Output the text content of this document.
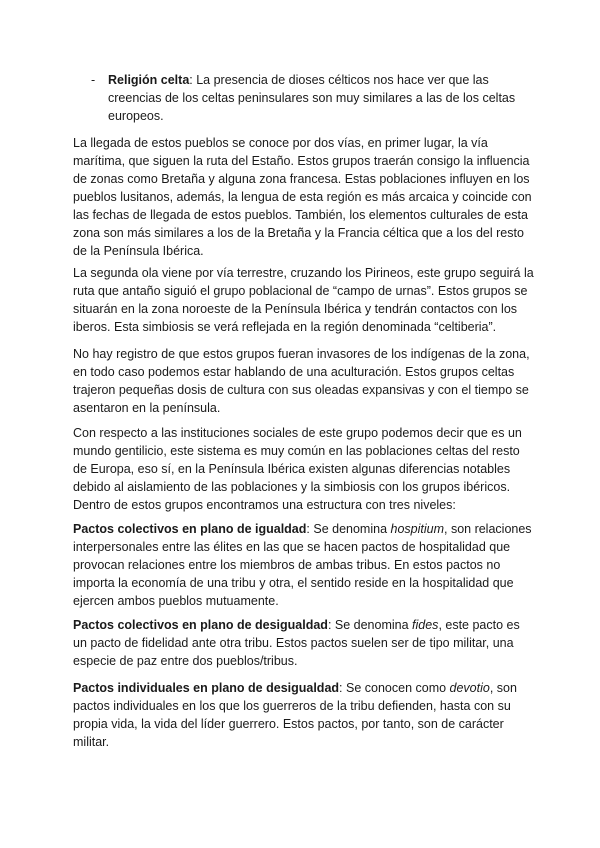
- Religión celta: La presencia de dioses célticos nos hace ver que las creencias de los celtas peninsulares son muy similares a las de los celtas europeos.

La llegada de estos pueblos se conoce por dos vías, en primer lugar, la vía marítima, que siguen la ruta del Estaño. Estos grupos traerán consigo la influencia de zonas como Bretaña y alguna zona francesa. Estas poblaciones influyen en los pueblos lusitanos, además, la lengua de esta región es más arcaica y coincide con las fechas de llegada de estos pueblos. También, los elementos culturales de esta zona son más similares a los de la Bretaña y la Francia céltica que a los del resto de la Península Ibérica.

La segunda ola viene por vía terrestre, cruzando los Pirineos, este grupo seguirá la ruta que antaño siguió el grupo poblacional de “campo de urnas”. Estos grupos se situarán en la zona noroeste de la Península Ibérica y tendrán contactos con los iberos. Esta simbiosis se verá reflejada en la región denominada “celtiberia”.

No hay registro de que estos grupos fueran invasores de los indígenas de la zona, en todo caso podemos estar hablando de una aculturación. Estos grupos celtas trajeron pequeñas dosis de cultura con sus oleadas expansivas y con el tiempo se asentaron en la península.

Con respecto a las instituciones sociales de este grupo podemos decir que es un mundo gentilicio, este sistema es muy común en las poblaciones celtas del resto de Europa, eso sí, en la Península Ibérica existen algunas diferencias notables debido al aislamiento de las poblaciones y la simbiosis con los grupos ibéricos. Dentro de estos grupos encontramos una estructura con tres niveles:

Pactos colectivos en plano de igualdad: Se denomina hospitium, son relaciones interpersonales entre las élites en las que se hacen pactos de hospitalidad que provocan relaciones entre los miembros de ambas tribus. En estos pactos no importa la economía de una tribu y otra, el sentido reside en la hospitalidad que ejercen ambos pueblos mutuamente.

Pactos colectivos en plano de desigualdad: Se denomina fides, este pacto es un pacto de fidelidad ante otra tribu. Estos pactos suelen ser de tipo militar, una especie de paz entre dos pueblos/tribus.

Pactos individuales en plano de desigualdad: Se conocen como devotio, son pactos individuales en los que los guerreros de la tribu defienden, hasta con su propia vida, la vida del líder guerrero. Estos pactos, por tanto, son de carácter militar.
